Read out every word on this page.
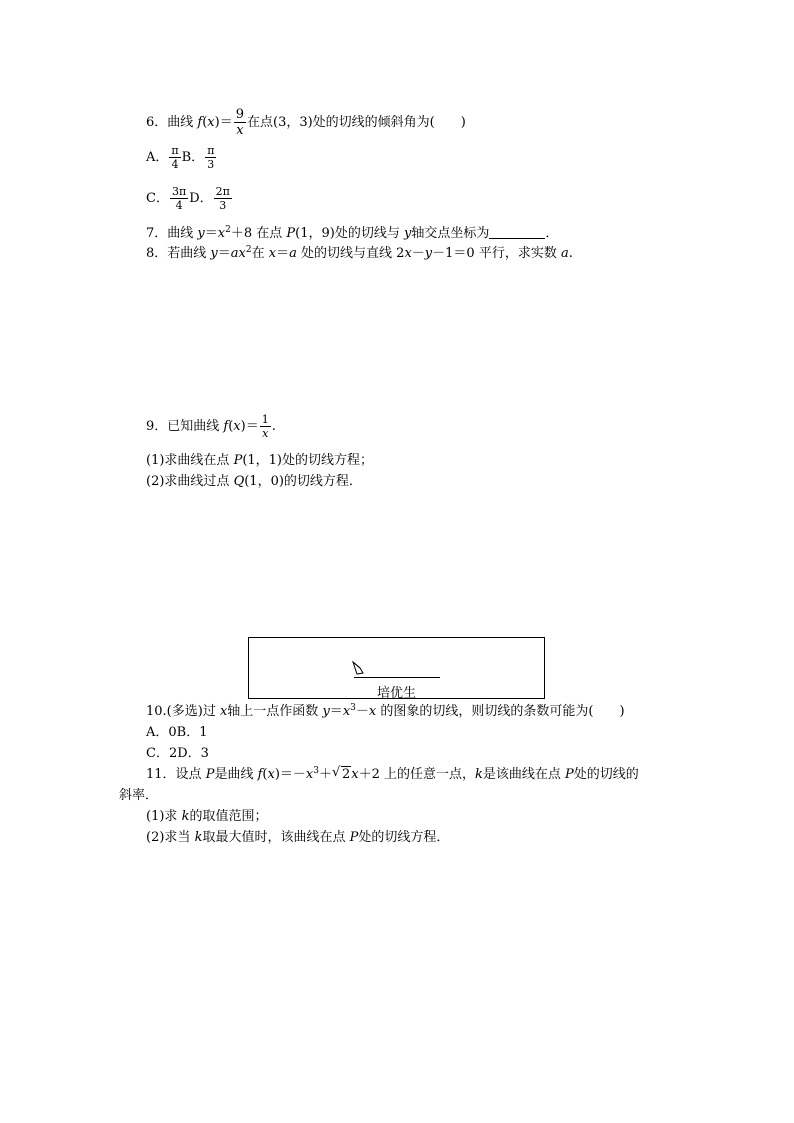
6．曲线 $f(x)= \frac{9}{x}$ 在点(3，3)处的切线的倾斜角为(　　)
A． $\frac{\pi}{4}$ B． $\frac{\pi}{3}$
C． $\frac{3\pi}{4}$ D． $\frac{2\pi}{3}$
7．曲线 $y=x^2+8$ 在点 P(1，9)处的切线与 y轴交点坐标为	．
8．若曲线 $y=ax^2$在 x＝a 处的切线与直线 2x－y－1＝0 平行，求实数 a.
9．已知曲线 $f(x)= \frac{1}{x}$ .
(1)求曲线在点 P(1，1)处的切线方程；
(2)求曲线过点 Q(1，0)的切线方程．
培优生
10.(多选)过 x轴上一点作函数 $y=x^3-x$ 的图象的切线，则切线的条数可能为(　　)
A．0B．1
C．2D．3
11．设点 P是曲线 $f(x)=-x^3+$ √ 2x＋2 上的任意一点，k是该曲线在点 P处的切线的
斜率．
(1)求 k的取值范围；
(2)求当 k取最大值时，该曲线在点 P处的切线方程．
